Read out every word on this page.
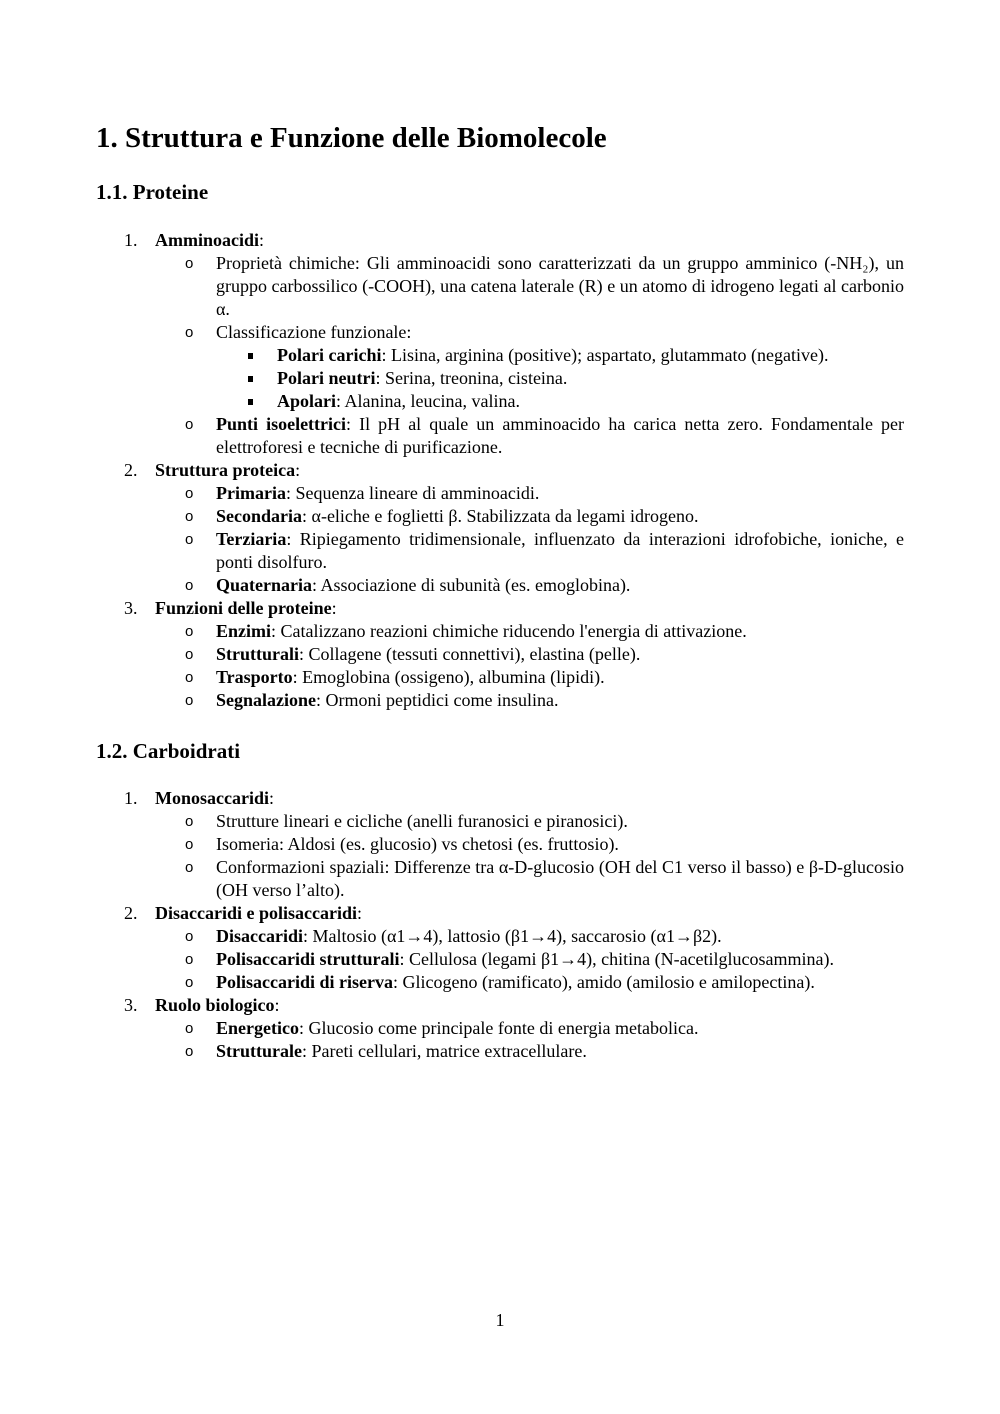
1. Struttura e Funzione delle Biomolecole
1.1. Proteine
1. Amminoacidi:
o Proprietà chimiche: Gli amminoacidi sono caratterizzati da un gruppo amminico (-NH₂), un gruppo carbossilico (-COOH), una catena laterale (R) e un atomo di idrogeno legati al carbonio α.
o Classificazione funzionale:
Polari carichi: Lisina, arginina (positive); aspartato, glutammato (negative).
Polari neutri: Serina, treonina, cisteina.
Apolari: Alanina, leucina, valina.
o Punti isoelettrici: Il pH al quale un amminoacido ha carica netta zero. Fondamentale per elettroforesi e tecniche di purificazione.
2. Struttura proteica:
o Primaria: Sequenza lineare di amminoacidi.
o Secondaria: α-eliche e foglietti β. Stabilizzata da legami idrogeno.
o Terziaria: Ripiegamento tridimensionale, influenzato da interazioni idrofobiche, ioniche, e ponti disolfuro.
o Quaternaria: Associazione di subunità (es. emoglobina).
3. Funzioni delle proteine:
o Enzimi: Catalizzano reazioni chimiche riducendo l'energia di attivazione.
o Strutturali: Collagene (tessuti connettivi), elastina (pelle).
o Trasporto: Emoglobina (ossigeno), albumina (lipidi).
o Segnalazione: Ormoni peptidici come insulina.
1.2. Carboidrati
1. Monosaccaridi:
o Strutture lineari e cicliche (anelli furanosici e piranosici).
o Isomeria: Aldosi (es. glucosio) vs chetosi (es. fruttosio).
o Conformazioni spaziali: Differenze tra α-D-glucosio (OH del C1 verso il basso) e β-D-glucosio (OH verso l’alto).
2. Disaccaridi e polisaccaridi:
o Disaccaridi: Maltosio (α1→4), lattosio (β1→4), saccarosio (α1→β2).
o Polisaccaridi strutturali: Cellulosa (legami β1→4), chitina (N-acetilglucosammina).
o Polisaccaridi di riserva: Glicogeno (ramificato), amido (amilosio e amilopectina).
3. Ruolo biologico:
o Energetico: Glucosio come principale fonte di energia metabolica.
o Strutturale: Pareti cellulari, matrice extracellulare.
1
